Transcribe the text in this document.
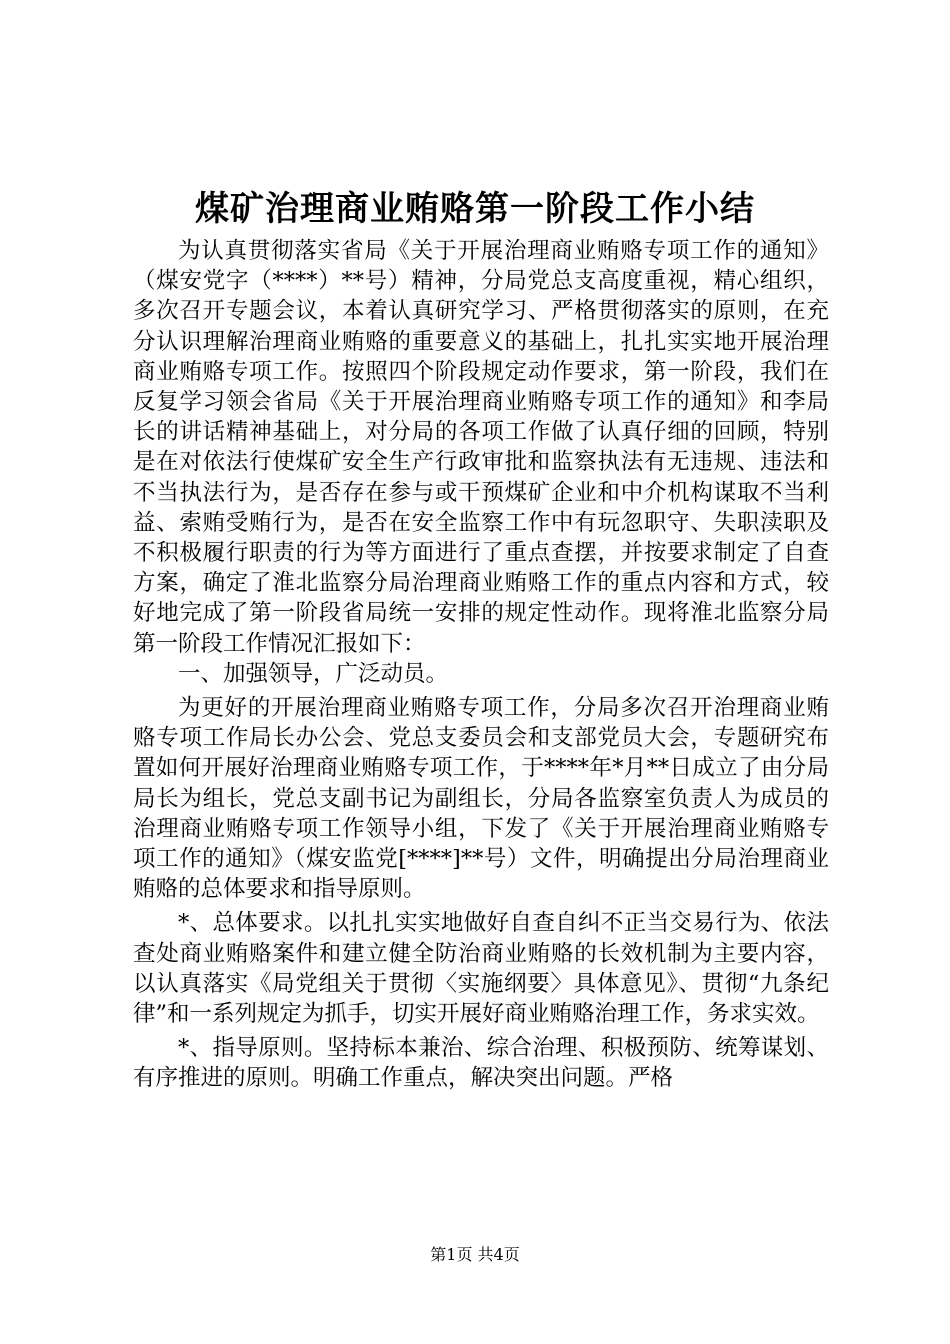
煤矿治理商业贿赂第一阶段工作小结

为认真贯彻落实省局《关于开展治理商业贿赂专项工作的通知》（煤安党字（****）**号）精神，分局党总支高度重视，精心组织，多次召开专题会议，本着认真研究学习、严格贯彻落实的原则，在充分认识理解治理商业贿赂的重要意义的基础上，扎扎实实地开展治理商业贿赂专项工作。按照四个阶段规定动作要求，第一阶段，我们在反复学习领会省局《关于开展治理商业贿赂专项工作的通知》和李局长的讲话精神基础上，对分局的各项工作做了认真仔细的回顾，特别是在对依法行使煤矿安全生产行政审批和监察执法有无违规、违法和不当执法行为，是否存在参与或干预煤矿企业和中介机构谋取不当利益、索贿受贿行为，是否在安全监察工作中有玩忽职守、失职渎职及不积极履行职责的行为等方面进行了重点查摆，并按要求制定了自查方案，确定了淮北监察分局治理商业贿赂工作的重点内容和方式，较好地完成了第一阶段省局统一安排的规定性动作。现将淮北监察分局第一阶段工作情况汇报如下：

一、加强领导，广泛动员。

为更好的开展治理商业贿赂专项工作，分局多次召开治理商业贿赂专项工作局长办公会、党总支委员会和支部党员大会，专题研究布置如何开展好治理商业贿赂专项工作，于****年*月**日成立了由分局局长为组长，党总支副书记为副组长，分局各监察室负责人为成员的治理商业贿赂专项工作领导小组，下发了《关于开展治理商业贿赂专项工作的通知》（煤安监党[****]**号）文件，明确提出分局治理商业贿赂的总体要求和指导原则。

*、总体要求。以扎扎实实地做好自查自纠不正当交易行为、依法查处商业贿赂案件和建立健全防治商业贿赂的长效机制为主要内容，以认真落实《局党组关于贯彻〈实施纲要〉具体意见》、贯彻“九条纪律”和一系列规定为抓手，切实开展好商业贿赂治理工作，务求实效。

*、指导原则。坚持标本兼治、综合治理、积极预防、统筹谋划、有序推进的原则。明确工作重点，解决突出问题。严格

第1页 共4页
